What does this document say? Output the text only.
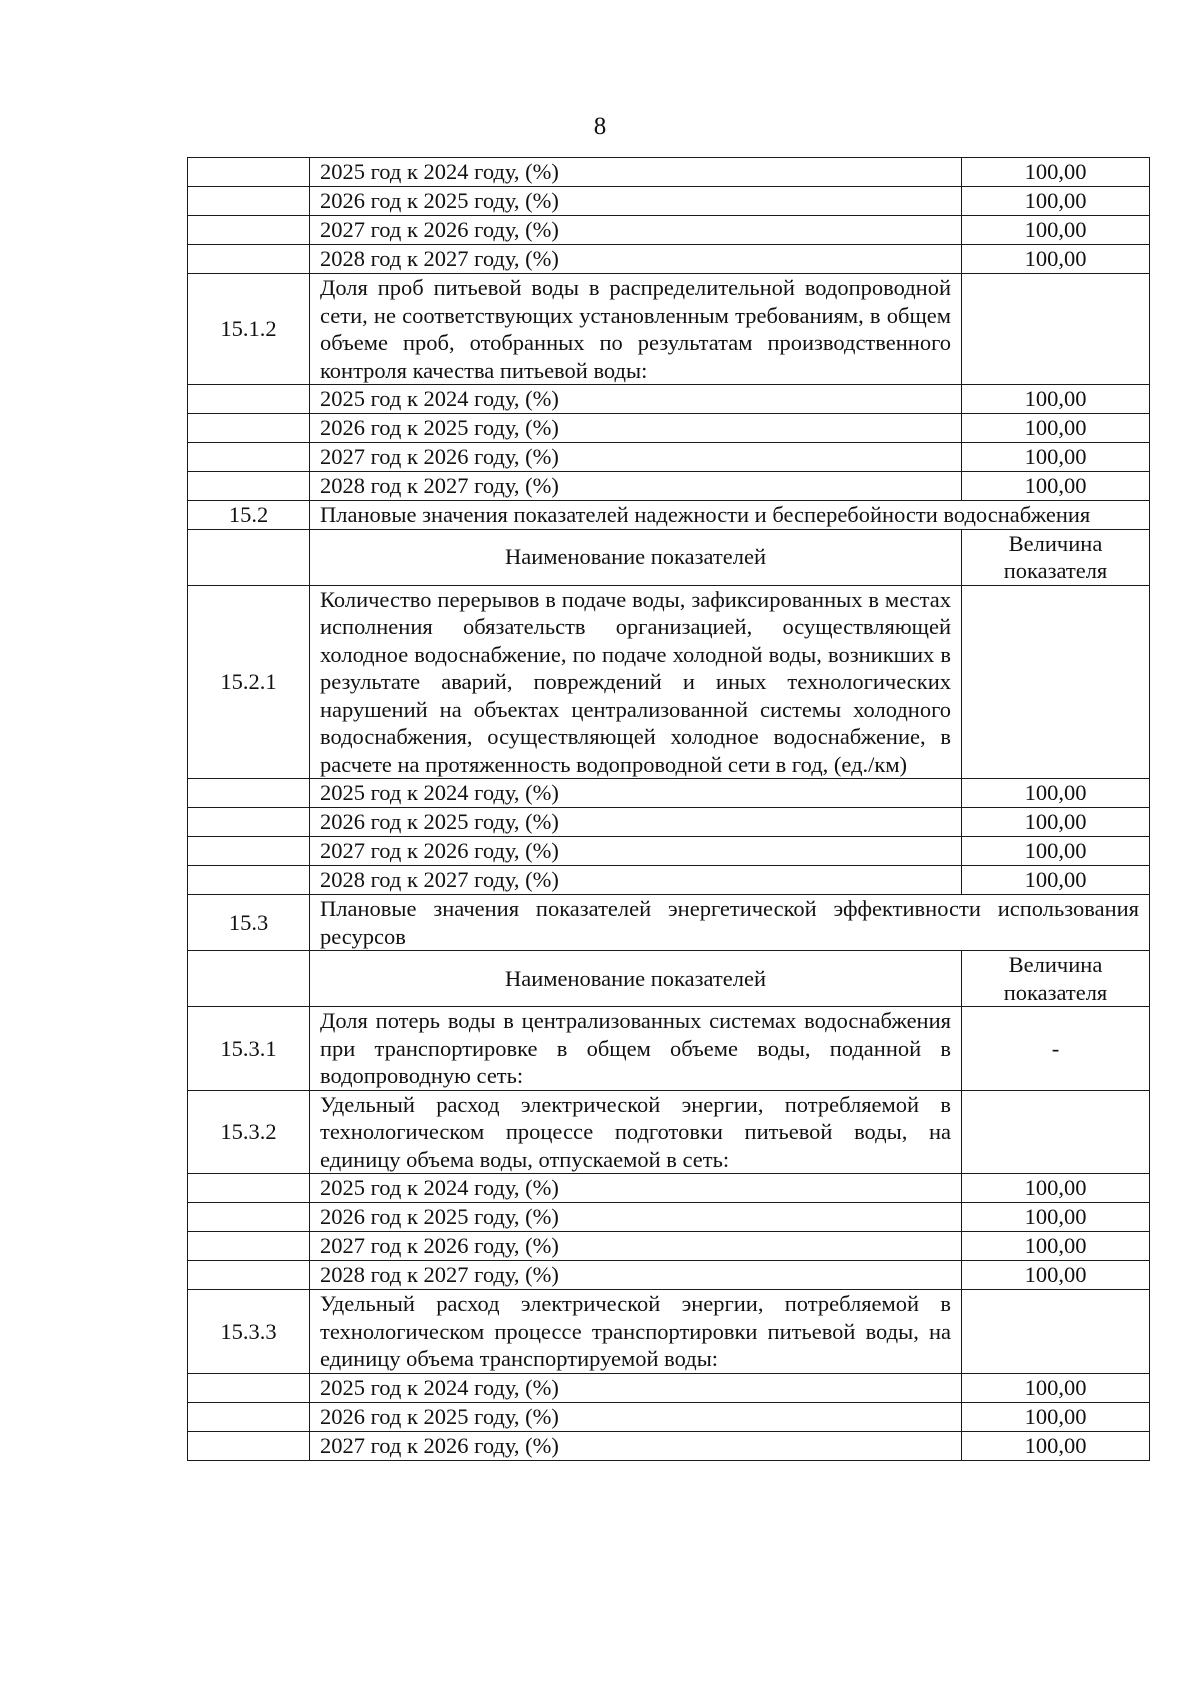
8
	2025 год к 2024 году, (%)	100,00
	2026 год к 2025 году, (%)	100,00
	2027 год к 2026 году, (%)	100,00
	2028 год к 2027 году, (%)	100,00
15.1.2	Доля проб питьевой воды в распределительной водопроводной сети, не соответствующих установленным требованиям, в общем объеме проб, отобранных по результатам производственного контроля качества питьевой воды:	
	2025 год к 2024 году, (%)	100,00
	2026 год к 2025 году, (%)	100,00
	2027 год к 2026 году, (%)	100,00
	2028 год к 2027 году, (%)	100,00
15.2	Плановые значения показателей надежности и бесперебойности водоснабжения	
	Наименование показателей	Величина показателя
15.2.1	Количество перерывов в подаче воды, зафиксированных в местах исполнения обязательств организацией, осуществляющей холодное водоснабжение, по подаче холодной воды, возникших в результате аварий, повреждений и иных технологических нарушений на объектах централизованной системы холодного водоснабжения, осуществляющей холодное водоснабжение, в расчете на протяженность водопроводной сети в год, (ед./км)	
	2025 год к 2024 году, (%)	100,00
	2026 год к 2025 году, (%)	100,00
	2027 год к 2026 году, (%)	100,00
	2028 год к 2027 году, (%)	100,00
15.3	Плановые значения показателей энергетической эффективности использования ресурсов	
	Наименование показателей	Величина показателя
15.3.1	Доля потерь воды в централизованных системах водоснабжения при транспортировке в общем объеме воды, поданной в водопроводную сеть:	-
15.3.2	Удельный расход электрической энергии, потребляемой в технологическом процессе подготовки питьевой воды, на единицу объема воды, отпускаемой в сеть:	
	2025 год к 2024 году, (%)	100,00
	2026 год к 2025 году, (%)	100,00
	2027 год к 2026 году, (%)	100,00
	2028 год к 2027 году, (%)	100,00
15.3.3	Удельный расход электрической энергии, потребляемой в технологическом процессе транспортировки питьевой воды, на единицу объема транспортируемой воды:	
	2025 год к 2024 году, (%)	100,00
	2026 год к 2025 году, (%)	100,00
	2027 год к 2026 году, (%)	100,00
